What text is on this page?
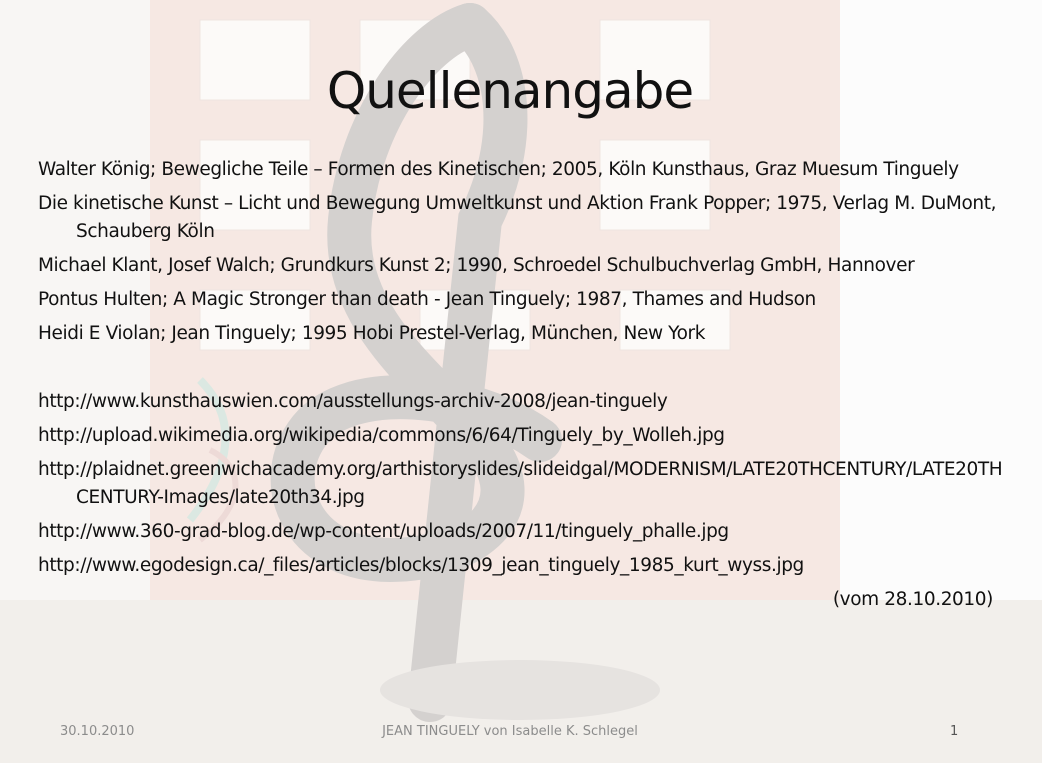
Quellenangabe
Walter König; Bewegliche Teile – Formen des Kinetischen; 2005, Köln Kunsthaus, Graz Muesum Tinguely
Die kinetische Kunst – Licht und Bewegung Umweltkunst und Aktion Frank Popper; 1975, Verlag M. DuMont, Schauberg Köln
Michael Klant, Josef Walch; Grundkurs Kunst 2; 1990, Schroedel Schulbuchverlag GmbH, Hannover
Pontus Hulten; A Magic Stronger than death - Jean Tinguely; 1987, Thames and Hudson
Heidi E Violan; Jean Tinguely; 1995 Hobi Prestel-Verlag, München, New York
http://www.kunsthauswien.com/ausstellungs-archiv-2008/jean-tinguely
http://upload.wikimedia.org/wikipedia/commons/6/64/Tinguely_by_Wolleh.jpg
http://plaidnet.greenwichacademy.org/arthistoryslides/slideidgal/MODERNISM/LATE20THCENTURY/LATE20THCENTURY-Images/late20th34.jpg
http://www.360-grad-blog.de/wp-content/uploads/2007/11/tinguely_phalle.jpg
http://www.egodesign.ca/_files/articles/blocks/1309_jean_tinguely_1985_kurt_wyss.jpg
(vom 28.10.2010)
30.10.2010	JEAN TINGUELY von Isabelle K. Schlegel	1
